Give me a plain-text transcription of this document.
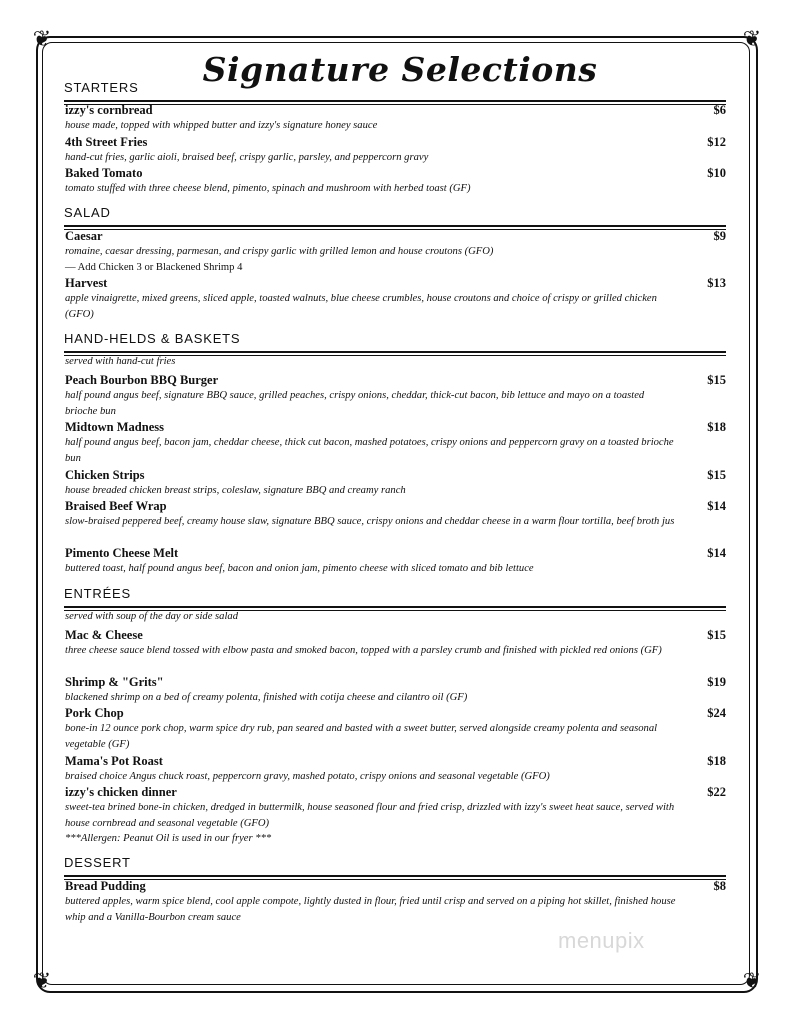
❦	❦
❦	❦
Signature Selections
STARTERS
izzy's cornbread	$6
house made, topped with whipped butter and izzy's signature honey sauce
4th Street Fries	$12
hand-cut fries, garlic aioli, braised beef, crispy garlic, parsley, and peppercorn gravy
Baked Tomato	$10
tomato stuffed with three cheese blend, pimento, spinach and mushroom with herbed toast (GF)
SALAD
Caesar	$9
romaine, caesar dressing, parmesan, and crispy garlic with grilled lemon and house croutons (GFO)
— Add Chicken 3 or Blackened Shrimp 4
Harvest	$13
apple vinaigrette, mixed greens, sliced apple, toasted walnuts, blue cheese crumbles, house croutons and choice of crispy or grilled chicken (GFO)
HAND-HELDS & BASKETS
served with hand-cut fries
Peach Bourbon BBQ Burger	$15
half pound angus beef, signature BBQ sauce, grilled peaches, crispy onions, cheddar, thick-cut bacon, bib lettuce and mayo on a toasted brioche bun
Midtown Madness	$18
half pound angus beef, bacon jam, cheddar cheese, thick cut bacon, mashed potatoes, crispy onions and peppercorn gravy on a toasted brioche bun
Chicken Strips	$15
house breaded chicken breast strips, coleslaw, signature BBQ and creamy ranch
Braised Beef Wrap	$14
slow-braised peppered beef, creamy house slaw, signature BBQ sauce, crispy onions and cheddar cheese in a warm flour tortilla, beef broth jus
Pimento Cheese Melt	$14
buttered toast, half pound angus beef, bacon and onion jam, pimento cheese with sliced tomato and bib lettuce
ENTRÉES
served with soup of the day or side salad
Mac & Cheese	$15
three cheese sauce blend tossed with elbow pasta and smoked bacon, topped with a parsley crumb and finished with pickled red onions (GF)
Shrimp & "Grits"	$19
blackened shrimp on a bed of creamy polenta, finished with cotija cheese and cilantro oil (GF)
Pork Chop	$24
bone-in 12 ounce pork chop, warm spice dry rub, pan seared and basted with a sweet butter, served alongside creamy polenta and seasonal vegetable (GF)
Mama's Pot Roast	$18
braised choice Angus chuck roast, peppercorn gravy, mashed potato, crispy onions and seasonal vegetable (GFO)
izzy's chicken dinner	$22
sweet-tea brined bone-in chicken, dredged in buttermilk, house seasoned flour and fried crisp, drizzled with izzy's sweet heat sauce, served with house cornbread and seasonal vegetable (GFO)
***Allergen: Peanut Oil is used in our fryer ***
DESSERT
Bread Pudding	$8
buttered apples, warm spice blend, cool apple compote, lightly dusted in flour, fried until crisp and served on a piping hot skillet, finished house whip and a Vanilla-Bourbon cream sauce
menupix
